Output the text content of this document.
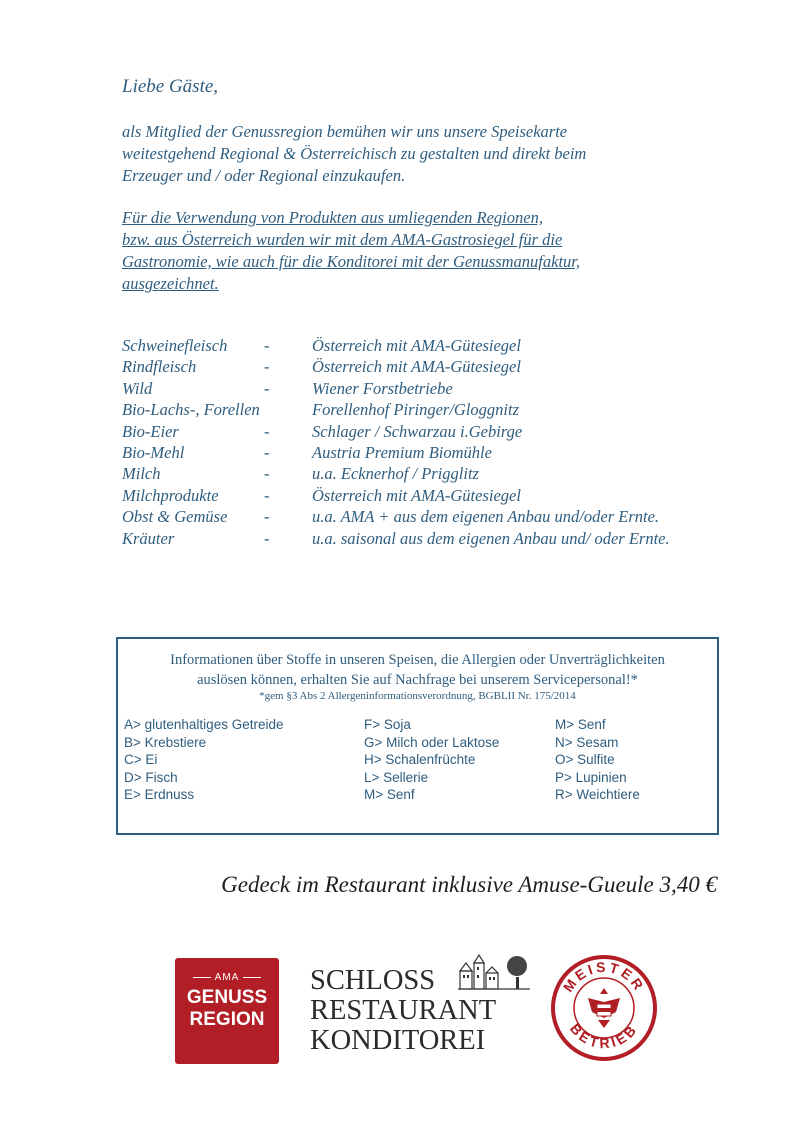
Liebe Gäste,
als Mitglied der Genussregion bemühen wir uns unsere Speisekarte
weitestgehend Regional & Österreichisch zu gestalten und direkt beim
Erzeuger und / oder Regional einzukaufen.
Für die Verwendung von Produkten aus umliegenden Regionen,
bzw. aus Österreich wurden wir mit dem AMA-Gastrosiegel für die
Gastronomie, wie auch für die Konditorei mit der Genussmanufaktur,
ausgezeichnet.
Schweinefleisch -	Österreich mit AMA-Gütesiegel
Rindfleisch	-	Österreich mit AMA-Gütesiegel
Wild	-	Wiener Forstbetriebe
Bio-Lachs-, Forellen	Forellenhof Piringer/Gloggnitz
Bio-Eier	-	Schlager / Schwarzau i.Gebirge
Bio-Mehl	-	Austria Premium Biomühle
Milch	-	u.a. Ecknerhof / Prigglitz
Milchprodukte	-	Österreich mit AMA-Gütesiegel
Obst & Gemüse -	u.a. AMA + aus dem eigenen Anbau und/oder Ernte.
Kräuter	-	u.a. saisonal aus dem eigenen Anbau und/ oder Ernte.
Informationen über Stoffe in unseren Speisen, die Allergien oder Unverträglichkeiten
auslösen können, erhalten Sie auf Nachfrage bei unserem Servicepersonal!*
*gem §3 Abs 2 Allergeninformationsverordnung, BGBLII Nr. 175/2014
A> glutenhaltiges Getreide
B> Krebstiere
C> Ei
D> Fisch
E> Erdnuss
F> Soja
G> Milch oder Laktose
H> Schalenfrüchte
L> Sellerie
M> Senf
M> Senf
N> Sesam
O> Sulfite
P> Lupinien
R> Weichtiere
Gedeck im Restaurant inklusive Amuse-Gueule 3,40 €
AMA
GENUSS
REGION
SCHLOSS
RESTAURANT
KONDITOREI
MEISTER
BETRIEB
